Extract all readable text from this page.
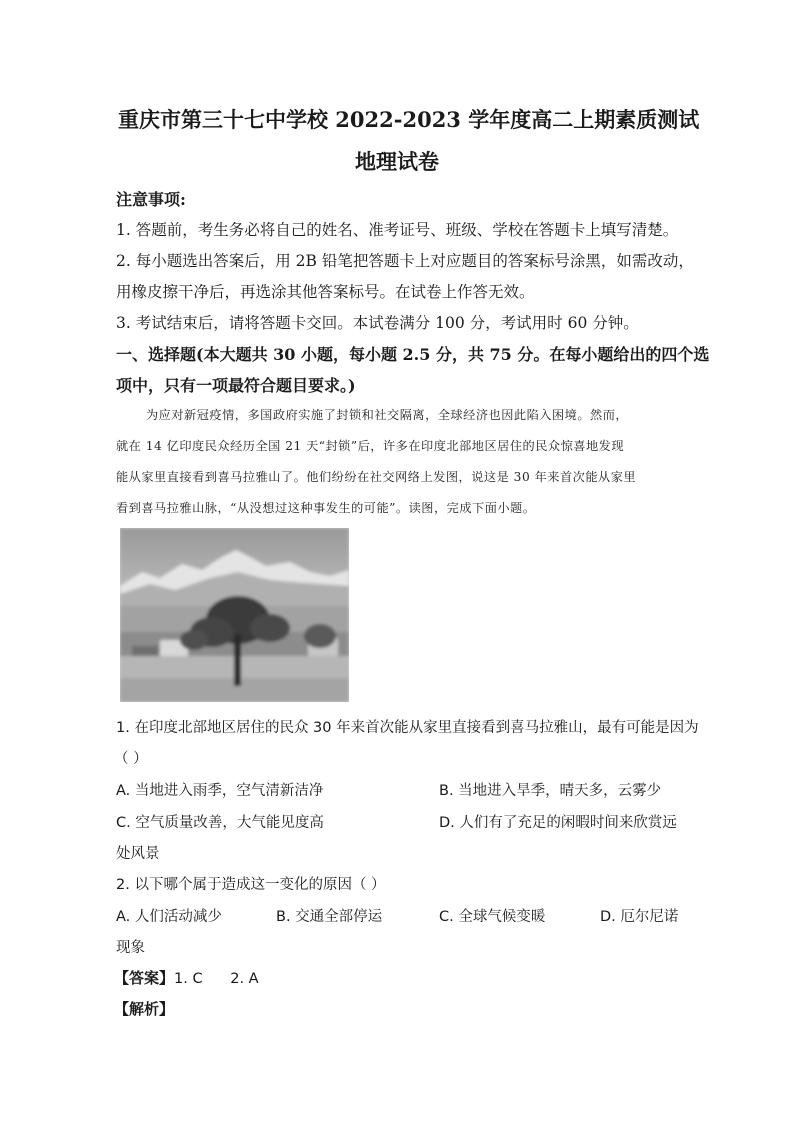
重庆市第三十七中学校 2022-2023 学年度高二上期素质测试
地理试卷
注意事项:
1. 答题前，考生务必将自己的姓名、准考证号、班级、学校在答题卡上填写清楚。
2. 每小题选出答案后，用 2B 铅笔把答题卡上对应题目的答案标号涂黑，如需改动，
用橡皮擦干净后，再选涂其他答案标号。在试卷上作答无效。
3. 考试结束后，请将答题卡交回。本试卷满分 100 分，考试用时 60 分钟。
一、选择题(本大题共 30 小题，每小题 2.5 分，共 75 分。在每小题给出的四个选
项中，只有一项最符合题目要求。)
为应对新冠疫情，多国政府实施了封锁和社交隔离，全球经济也因此陷入困境。然而，
就在 14 亿印度民众经历全国 21 天“封锁”后，许多在印度北部地区居住的民众惊喜地发现
能从家里直接看到喜马拉雅山了。他们纷纷在社交网络上发图，说这是 30 年来首次能从家里
看到喜马拉雅山脉，“从没想过这种事发生的可能”。读图，完成下面小题。
1. 在印度北部地区居住的民众 30 年来首次能从家里直接看到喜马拉雅山，最有可能是因为
（ ）
A. 当地进入雨季，空气清新洁净	B. 当地进入旱季，晴天多，云雾少
C. 空气质量改善，大气能见度高	D. 人们有了充足的闲暇时间来欣赏远
处风景
2. 以下哪个属于造成这一变化的原因（ ）
A. 人们活动减少	B. 交通全部停运	C. 全球气候变暖	D. 厄尔尼诺
现象
【答案】1. C      2. A
【解析】
